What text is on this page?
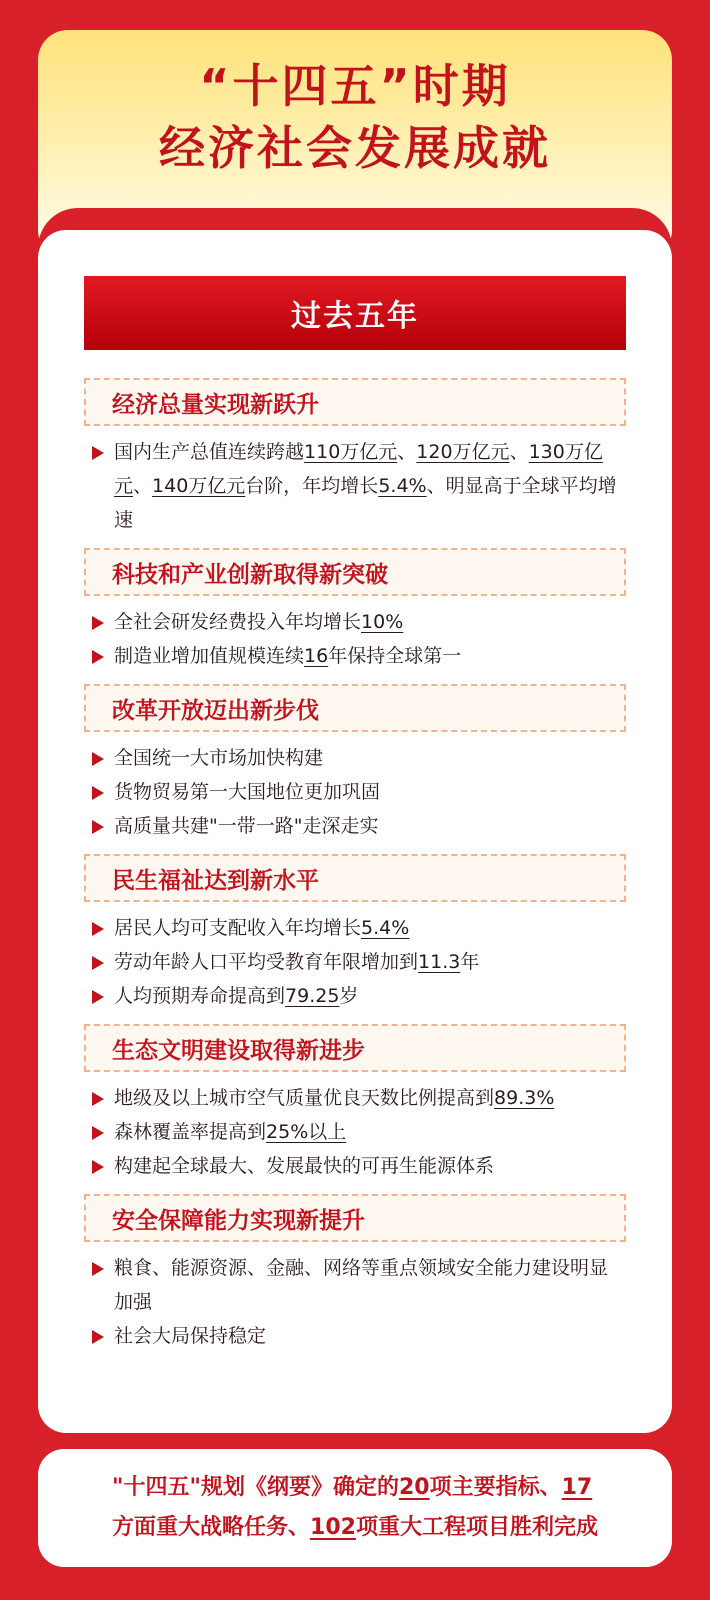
“十四五”时期
经济社会发展成就
过去五年
经济总量实现新跃升
国内生产总值连续跨越110万亿元、120万亿元、130万亿元、140万亿元台阶，年均增长5.4%、明显高于全球平均增速
科技和产业创新取得新突破
全社会研发经费投入年均增长10%
制造业增加值规模连续16年保持全球第一
改革开放迈出新步伐
全国统一大市场加快构建
货物贸易第一大国地位更加巩固
高质量共建"一带一路"走深走实
民生福祉达到新水平
居民人均可支配收入年均增长5.4%
劳动年龄人口平均受教育年限增加到11.3年
人均预期寿命提高到79.25岁
生态文明建设取得新进步
地级及以上城市空气质量优良天数比例提高到89.3%
森林覆盖率提高到25%以上
构建起全球最大、发展最快的可再生能源体系
安全保障能力实现新提升
粮食、能源资源、金融、网络等重点领域安全能力建设明显加强
社会大局保持稳定
"十四五"规划《纲要》确定的20项主要指标、17
方面重大战略任务、102项重大工程项目胜利完成
